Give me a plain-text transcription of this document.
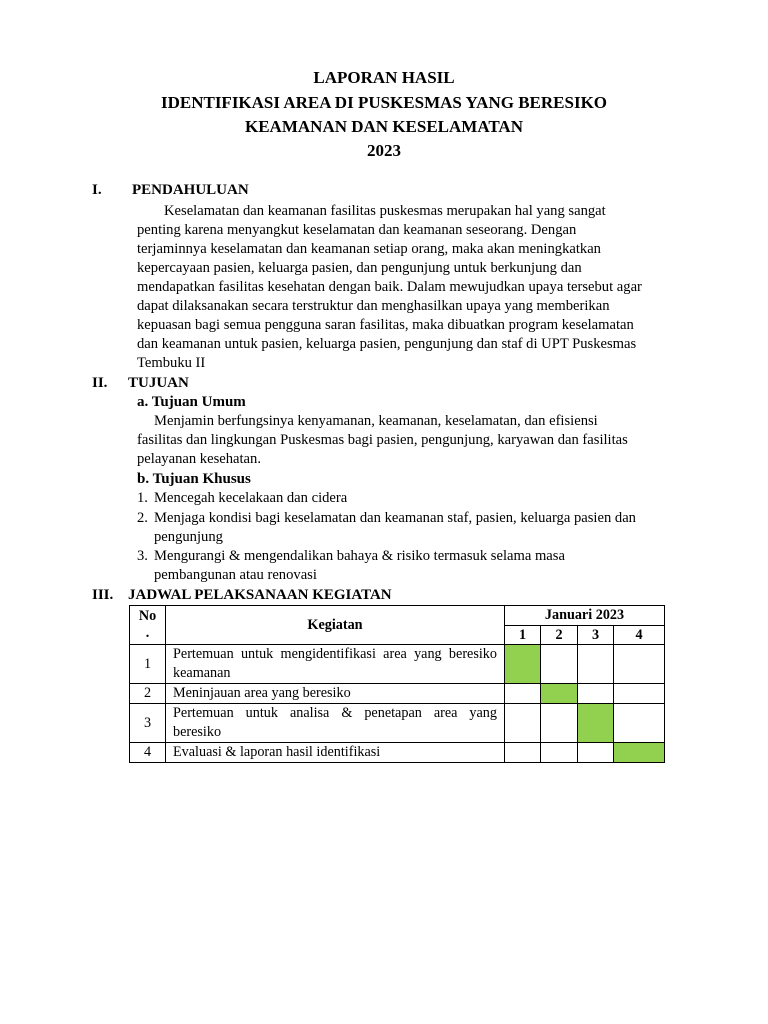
LAPORAN HASIL
IDENTIFIKASI AREA DI PUSKESMAS YANG BERESIKO
KEAMANAN DAN KESELAMATAN
2023
I. PENDAHULUAN
Keselamatan dan keamanan fasilitas puskesmas merupakan hal yang sangat
penting karena menyangkut keselamatan dan keamanan seseorang. Dengan
terjaminnya keselamatan dan keamanan setiap orang, maka akan meningkatkan
kepercayaan pasien, keluarga pasien, dan pengunjung untuk berkunjung dan
mendapatkan fasilitas kesehatan dengan baik. Dalam mewujudkan upaya tersebut agar
dapat dilaksanakan secara terstruktur dan menghasilkan upaya yang memberikan
kepuasan bagi semua pengguna saran fasilitas, maka dibuatkan program keselamatan
dan keamanan untuk pasien, keluarga pasien, pengunjung dan staf di UPT Puskesmas
Tembuku II
II. TUJUAN
a. Tujuan Umum
Menjamin berfungsinya kenyamanan, keamanan, keselamatan, dan efisiensi
fasilitas dan lingkungan Puskesmas bagi pasien, pengunjung, karyawan dan fasilitas
pelayanan kesehatan.
b. Tujuan Khusus
1. Mencegah kecelakaan dan cidera
2. Menjaga kondisi bagi keselamatan dan keamanan staf, pasien, keluarga pasien dan
pengunjung
3. Mengurangi & mengendalikan bahaya & risiko termasuk selama masa
pembangunan atau renovasi
III. JADWAL PELAKSANAAN KEGIATAN
No
.	Kegiatan	Januari 2023			
		1	2	3	4
1	Pertemuan untuk mengidentifikasi area yang beresiko keamanan				
2	Meninjauan area yang beresiko				
3	Pertemuan untuk analisa & penetapan area yang beresiko				
4	Evaluasi & laporan hasil identifikasi				
